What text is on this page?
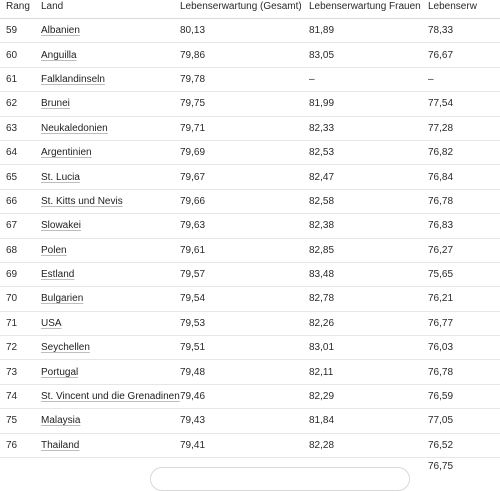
Rang	Land	Lebenserwartung (Gesamt)	Lebenserwartung Frauen	Lebenserw
59	Albanien	80,13	81,89	78,33
60	Anguilla	79,86	83,05	76,67
61	Falklandinseln	79,78	–	–
62	Brunei	79,75	81,99	77,54
63	Neukaledonien	79,71	82,33	77,28
64	Argentinien	79,69	82,53	76,82
65	St. Lucia	79,67	82,47	76,84
66	St. Kitts und Nevis	79,66	82,58	76,78
67	Slowakei	79,63	82,38	76,83
68	Polen	79,61	82,85	76,27
69	Estland	79,57	83,48	75,65
70	Bulgarien	79,54	82,78	76,21
71	USA	79,53	82,26	76,77
72	Seychellen	79,51	83,01	76,03
73	Portugal	79,48	82,11	76,78
74	St. Vincent und die Grenadinen	79,46	82,29	76,59
75	Malaysia	79,43	81,84	77,05
76	Thailand	79,41	82,28	76,52
				76,75
